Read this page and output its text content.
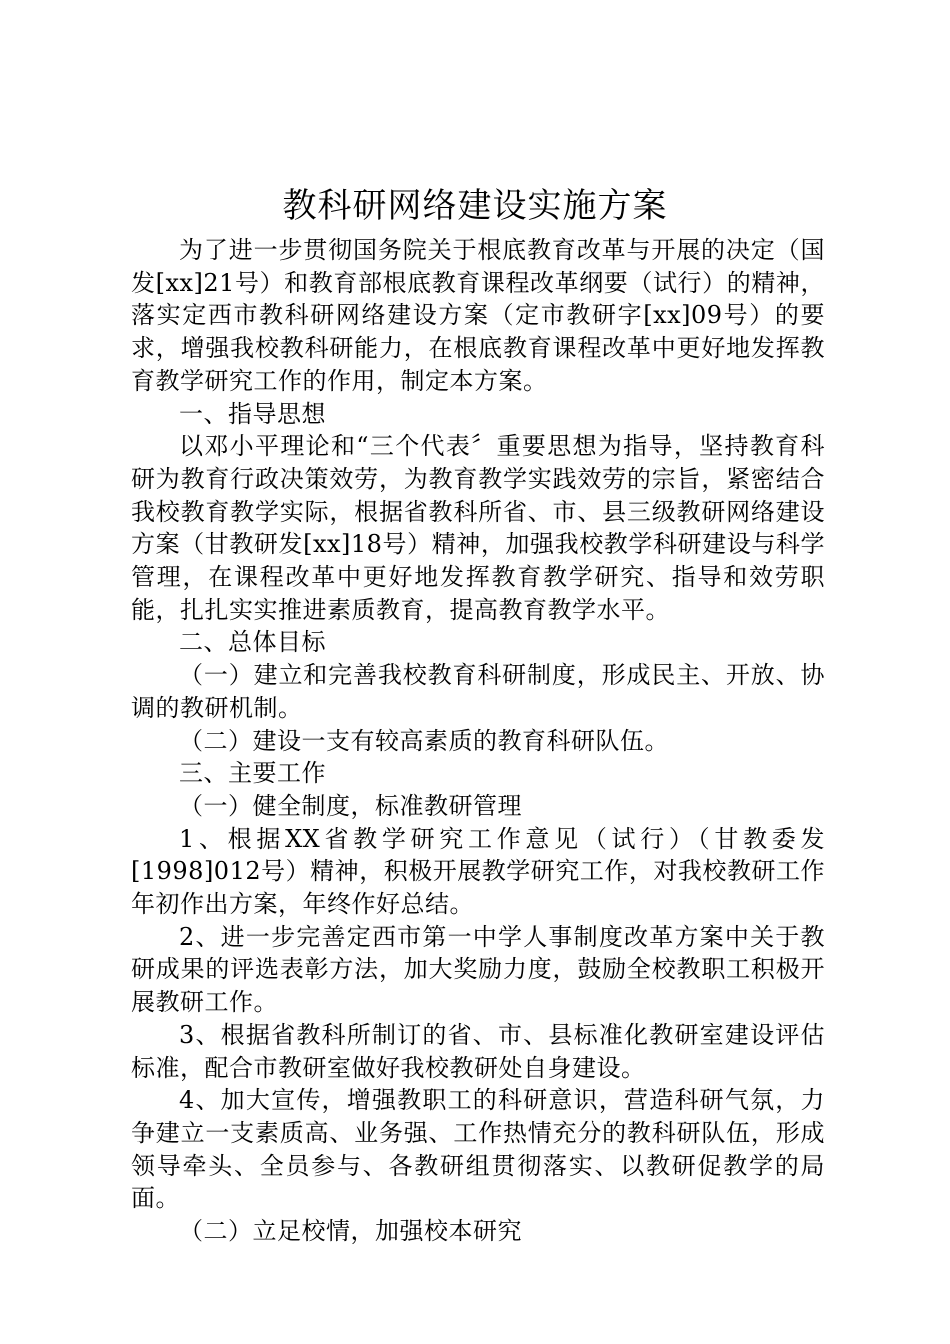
教科研网络建设实施方案

为了进一步贯彻国务院关于根底教育改革与开展的决定（国发[xx]21号）和教育部根底教育课程改革纲要（试行）的精神，落实定西市教科研网络建设方案（定市教研字[xx]09号）的要求，增强我校教科研能力，在根底教育课程改革中更好地发挥教育教学研究工作的作用，制定本方案。

一、指导思想

以邓小平理论和“三个代表〞重要思想为指导，坚持教育科研为教育行政决策效劳，为教育教学实践效劳的宗旨，紧密结合我校教育教学实际，根据省教科所省、市、县三级教研网络建设方案（甘教研发[xx]18号）精神，加强我校教学科研建设与科学管理，在课程改革中更好地发挥教育教学研究、指导和效劳职能，扎扎实实推进素质教育，提高教育教学水平。

二、总体目标

（一）建立和完善我校教育科研制度，形成民主、开放、协调的教研机制。

（二）建设一支有较高素质的教育科研队伍。

三、主要工作

（一）健全制度，标准教研管理

1、根据XX省教学研究工作意见（试行）（甘教委发[1998]012号）精神，积极开展教学研究工作，对我校教研工作年初作出方案，年终作好总结。

2、进一步完善定西市第一中学人事制度改革方案中关于教研成果的评选表彰方法，加大奖励力度，鼓励全校教职工积极开展教研工作。

3、根据省教科所制订的省、市、县标准化教研室建设评估标准，配合市教研室做好我校教研处自身建设。

4、加大宣传，增强教职工的科研意识，营造科研气氛，力争建立一支素质高、业务强、工作热情充分的教科研队伍，形成领导牵头、全员参与、各教研组贯彻落实、以教研促教学的局面。

（二）立足校情，加强校本研究
